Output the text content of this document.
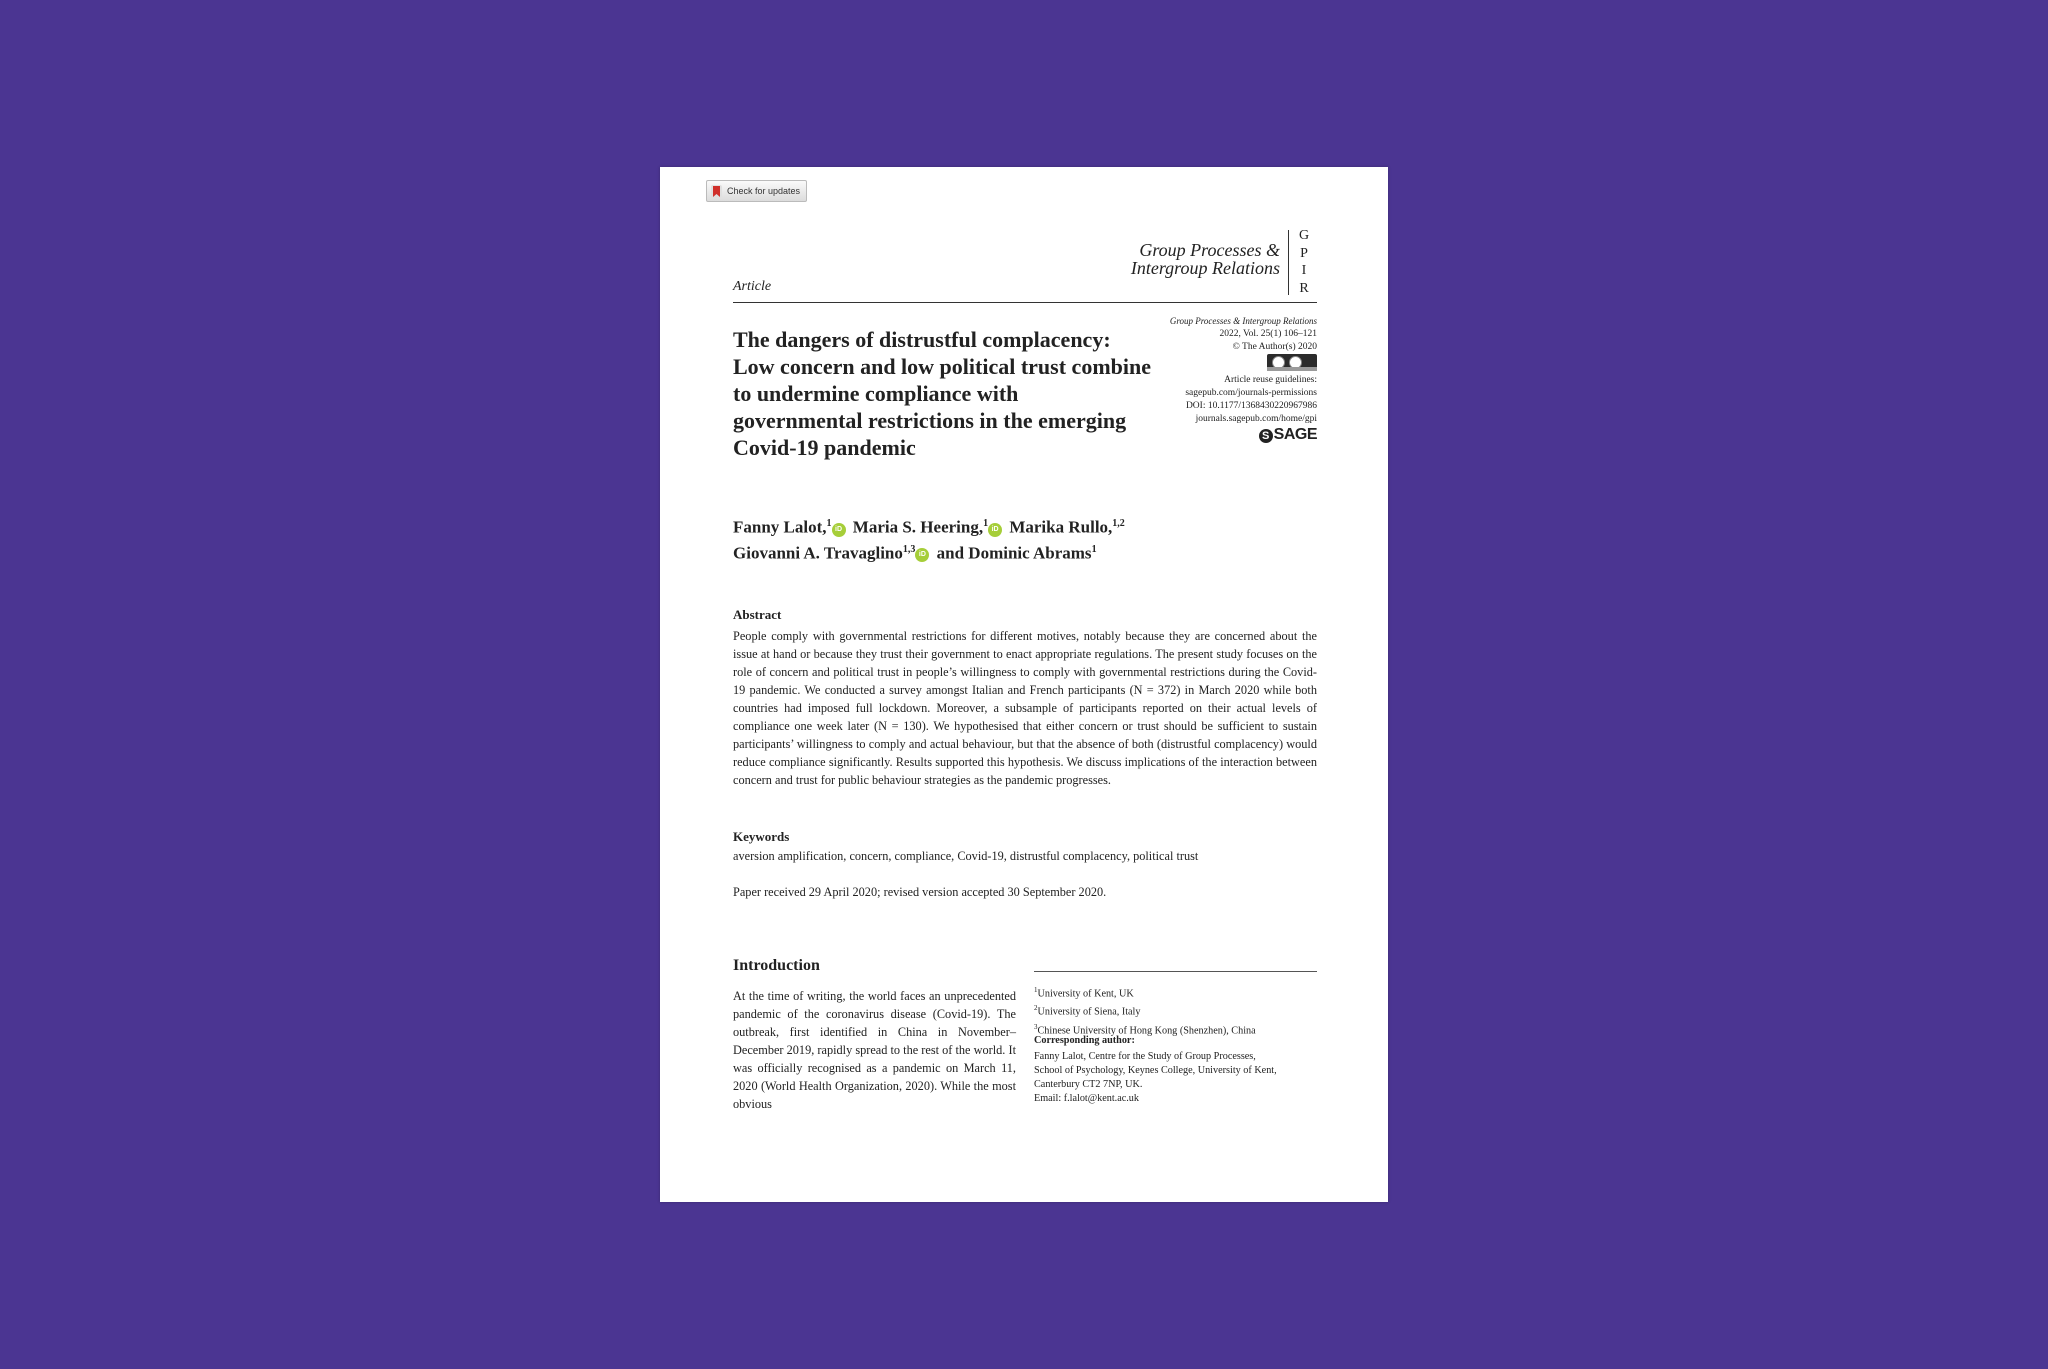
Check for updates
Group Processes &
Intergroup Relations
G
P
I
R
Article
Group Processes & Intergroup Relations
2022, Vol. 25(1) 106–121
© The Author(s) 2020
Article reuse guidelines:
sagepub.com/journals-permissions
DOI: 10.1177/1368430220967986
journals.sagepub.com/home/gpi
S SAGE
The dangers of distrustful complacency: Low concern and low political trust combine to undermine compliance with governmental restrictions in the emerging Covid-19 pandemic
Fanny Lalot,$^1$iD Maria S. Heering,$^1$iD Marika Rullo,$^{1,2}$
Giovanni A. Travaglino$^{1,3}$iD and Dominic Abrams$^1$
Abstract
People comply with governmental restrictions for different motives, notably because they are concerned about the issue at hand or because they trust their government to enact appropriate regulations. The present study focuses on the role of concern and political trust in people’s willingness to comply with governmental restrictions during the Covid-19 pandemic. We conducted a survey amongst Italian and French participants (N = 372) in March 2020 while both countries had imposed full lockdown. Moreover, a subsample of participants reported on their actual levels of compliance one week later (N = 130). We hypothesised that either concern or trust should be sufficient to sustain participants’ willingness to comply and actual behaviour, but that the absence of both (distrustful complacency) would reduce compliance significantly. Results supported this hypothesis. We discuss implications of the interaction between concern and trust for public behaviour strategies as the pandemic progresses.
Keywords
aversion amplification, concern, compliance, Covid-19, distrustful complacency, political trust
Paper received 29 April 2020; revised version accepted 30 September 2020.
Introduction
At the time of writing, the world faces an unprecedented pandemic of the coronavirus disease (Covid-19). The outbreak, first identified in China in November–December 2019, rapidly spread to the rest of the world. It was officially recognised as a pandemic on March 11, 2020 (World Health Organization, 2020). While the most obvious
$^1$University of Kent, UK
$^2$University of Siena, Italy
$^3$Chinese University of Hong Kong (Shenzhen), China
Corresponding author:
Fanny Lalot, Centre for the Study of Group Processes,
School of Psychology, Keynes College, University of Kent,
Canterbury CT2 7NP, UK.
Email: f.lalot@kent.ac.uk
